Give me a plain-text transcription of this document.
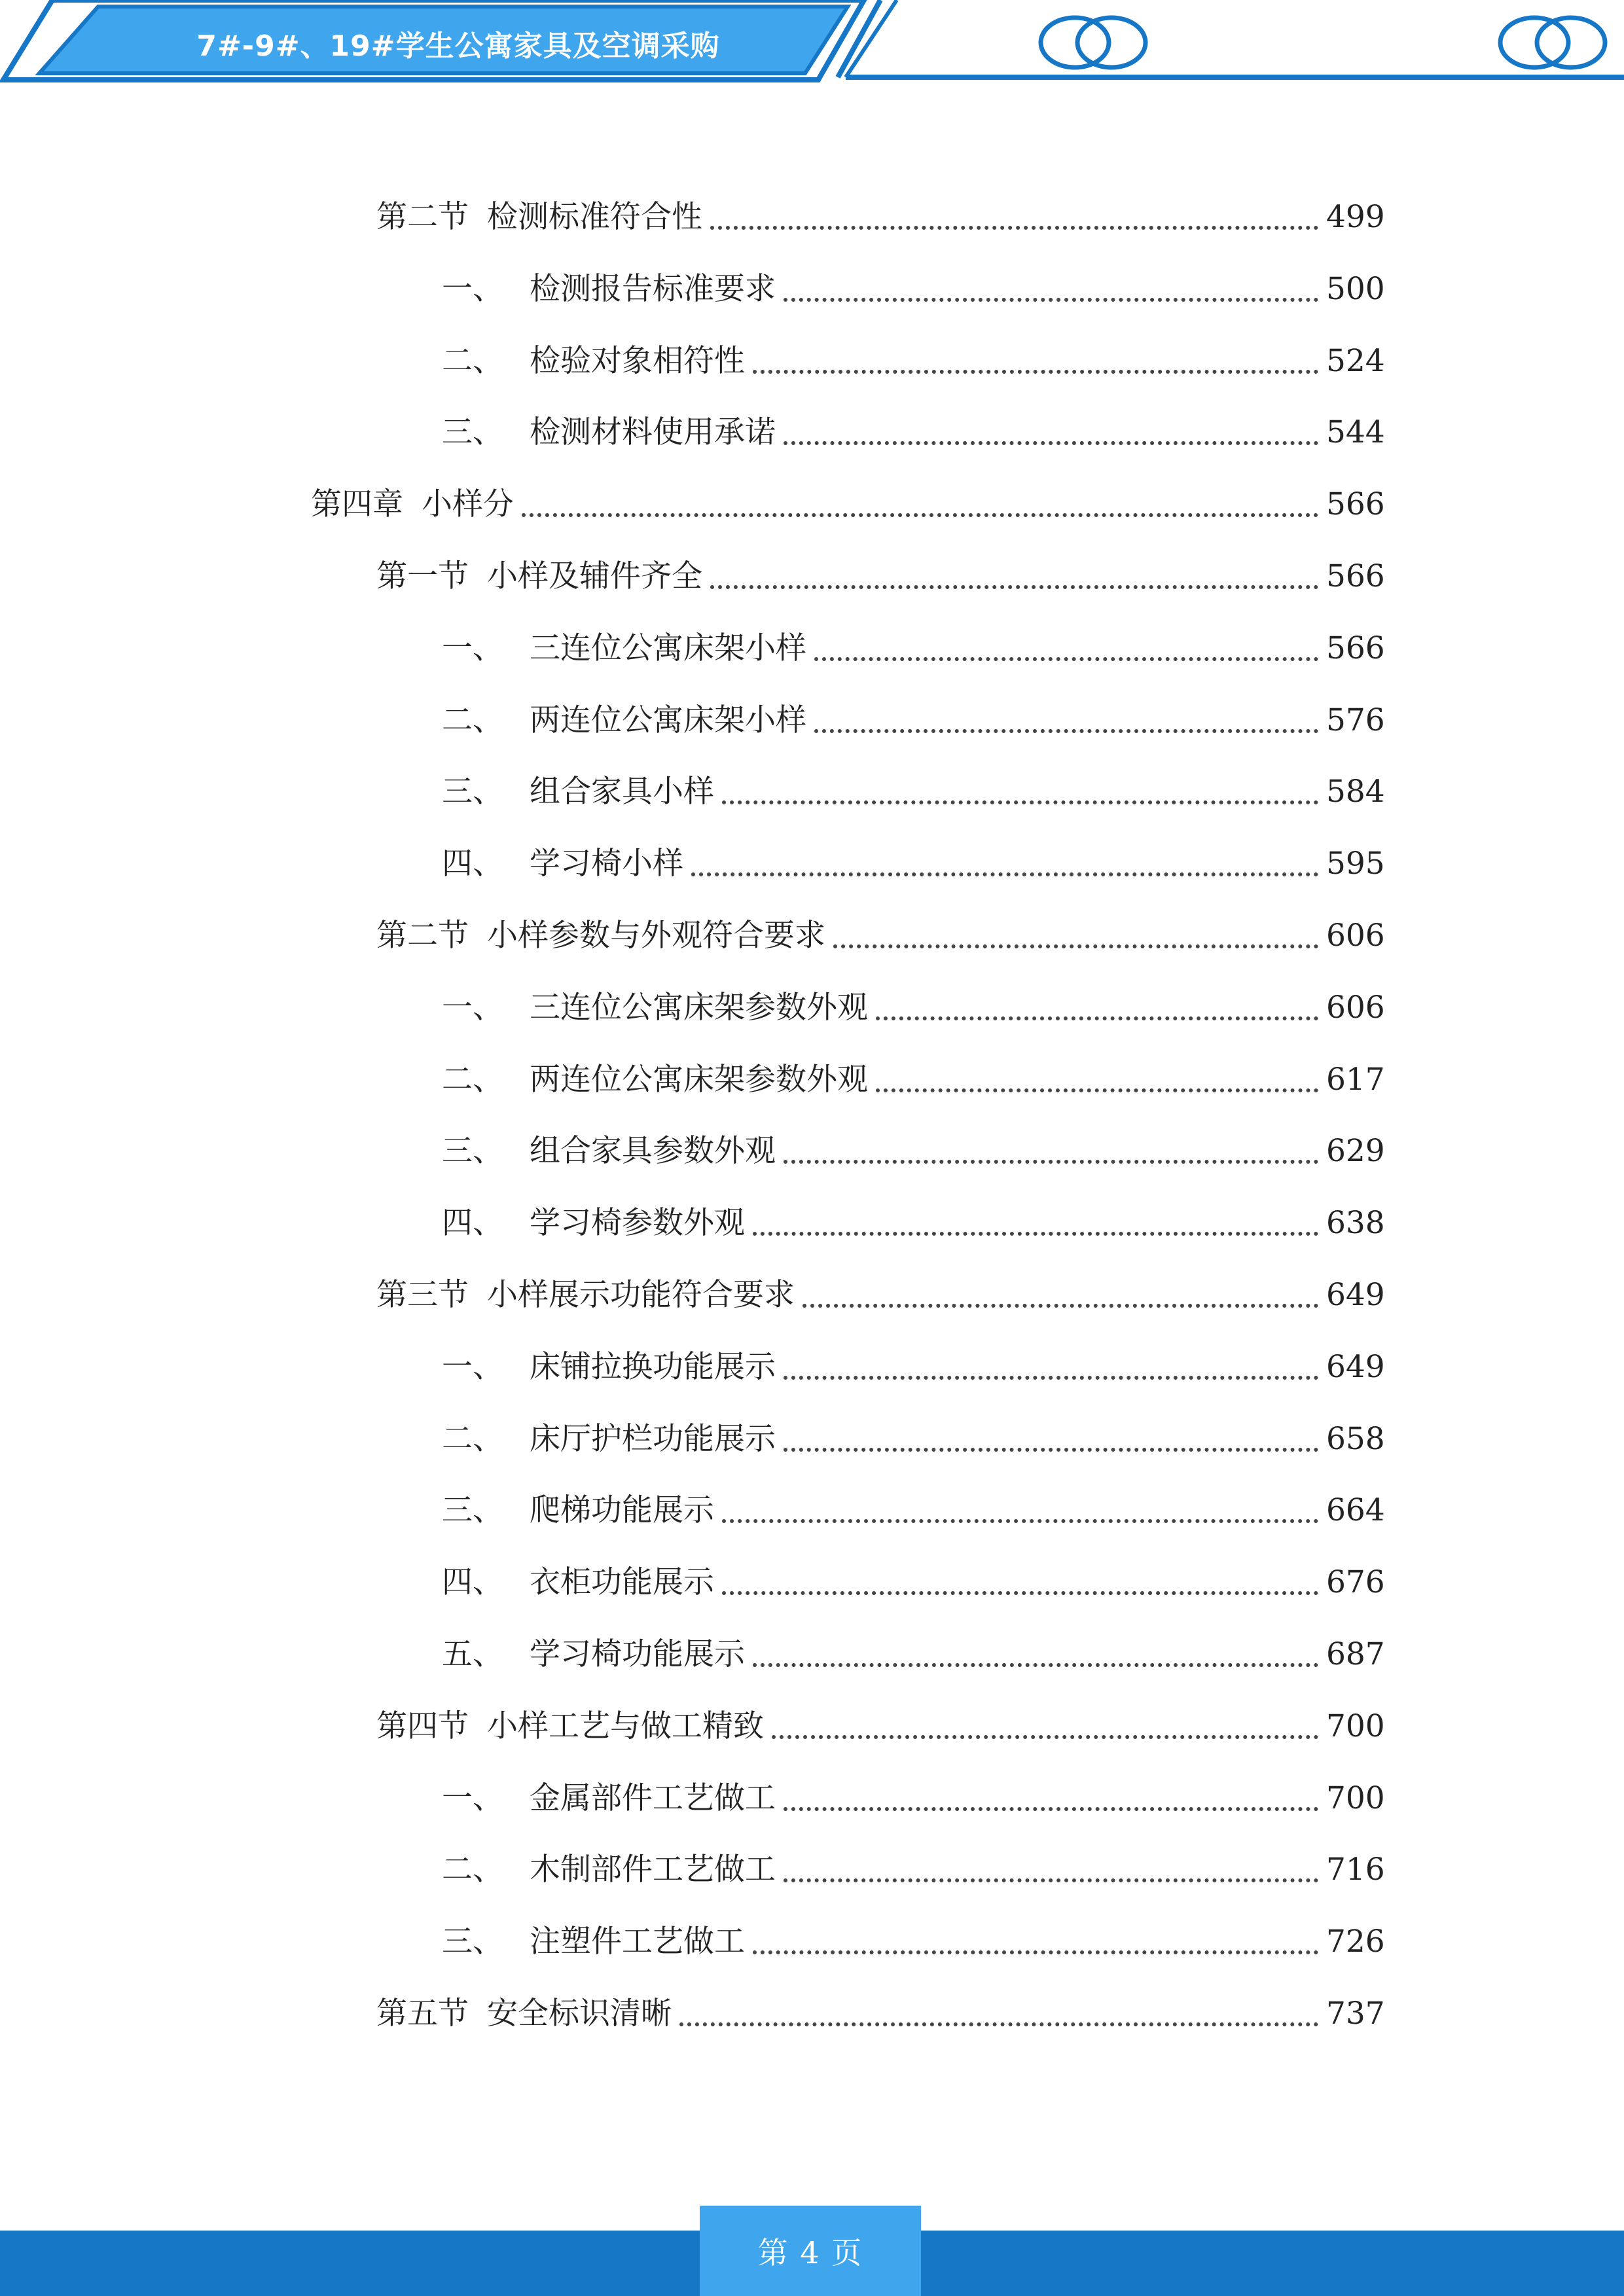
7#-9#、19#学生公寓家具及空调采购
第二节 检测标准符合性	499
一、 检测报告标准要求	500
二、 检验对象相符性	524
三、 检测材料使用承诺	544
第四章 小样分	566
第一节 小样及辅件齐全	566
一、 三连位公寓床架小样	566
二、 两连位公寓床架小样	576
三、 组合家具小样	584
四、 学习椅小样	595
第二节 小样参数与外观符合要求	606
一、 三连位公寓床架参数外观	606
二、 两连位公寓床架参数外观	617
三、 组合家具参数外观	629
四、 学习椅参数外观	638
第三节 小样展示功能符合要求	649
一、 床铺拉换功能展示	649
二、 床厅护栏功能展示	658
三、 爬梯功能展示	664
四、 衣柜功能展示	676
五、 学习椅功能展示	687
第四节 小样工艺与做工精致	700
一、 金属部件工艺做工	700
二、 木制部件工艺做工	716
三、 注塑件工艺做工	726
第五节 安全标识清晰	737
第 4 页
